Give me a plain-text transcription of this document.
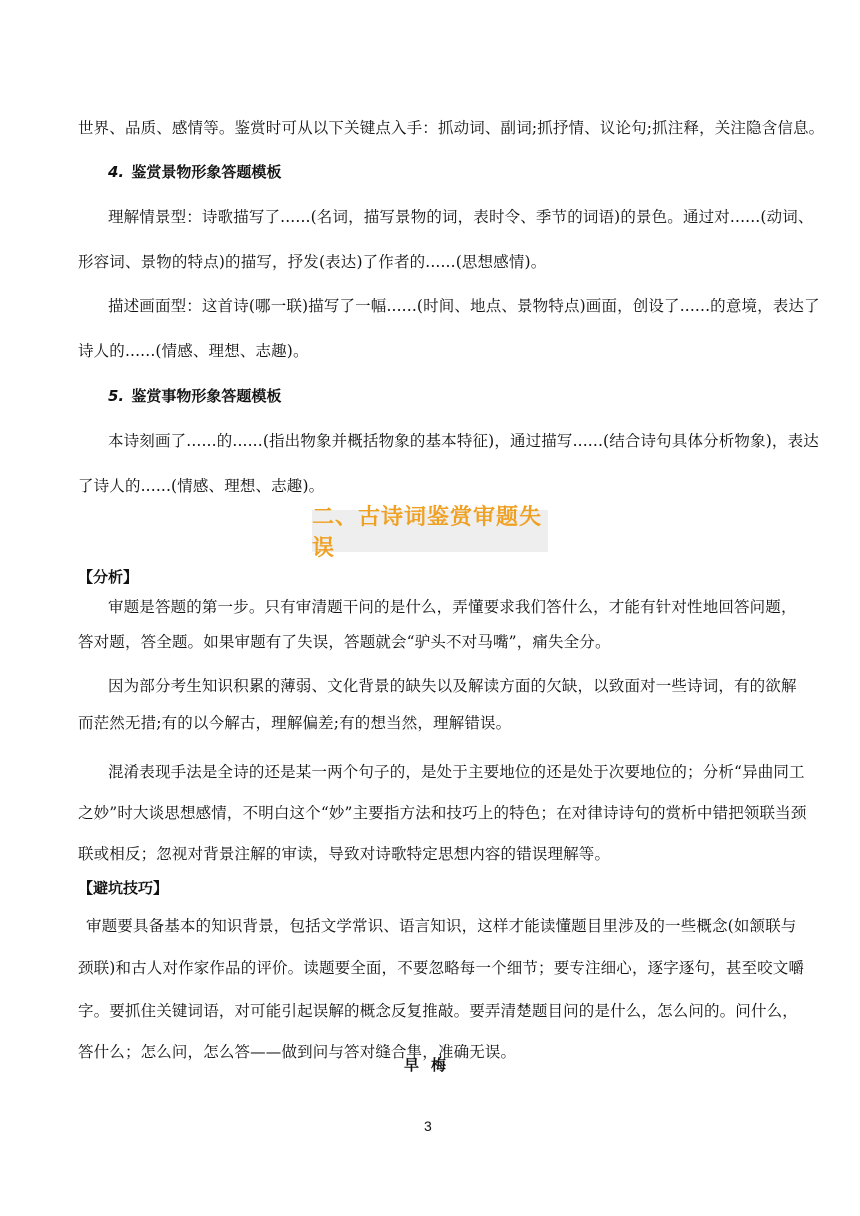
世界、品质、感情等。鉴赏时可从以下关键点入手：抓动词、副词;抓抒情、议论句;抓注释，关注隐含信息。
4. 鉴赏景物形象答题模板
理解情景型：诗歌描写了......(名词，描写景物的词，表时令、季节的词语)的景色。通过对......(动词、
形容词、景物的特点)的描写，抒发(表达)了作者的......(思想感情)。
描述画面型：这首诗(哪一联)描写了一幅......(时间、地点、景物特点)画面，创设了......的意境，表达了
诗人的......(情感、理想、志趣)。
5. 鉴赏事物形象答题模板
本诗刻画了......的......(指出物象并概括物象的基本特征)，通过描写......(结合诗句具体分析物象)，表达
了诗人的......(情感、理想、志趣)。
二、古诗词鉴赏审题失误
【分析】
审题是答题的第一步。只有审清题干问的是什么，弄懂要求我们答什么，才能有针对性地回答问题，
答对题，答全题。如果审题有了失误，答题就会“驴头不对马嘴”，痛失全分。
因为部分考生知识积累的薄弱、文化背景的缺失以及解读方面的欠缺，以致面对一些诗词，有的欲解
而茫然无措;有的以今解古，理解偏差;有的想当然，理解错误。
混淆表现手法是全诗的还是某一两个句子的，是处于主要地位的还是处于次要地位的；分析“异曲同工
之妙”时大谈思想感情，不明白这个“妙”主要指方法和技巧上的特色；在对律诗诗句的赏析中错把领联当颈
联或相反；忽视对背景注解的审读，导致对诗歌特定思想内容的错误理解等。
【避坑技巧】
审题要具备基本的知识背景，包括文学常识、语言知识，这样才能读懂题目里涉及的一些概念(如颔联与
颈联)和古人对作家作品的评价。读题要全面，不要忽略每一个细节；要专注细心，逐字逐句，甚至咬文嚼
字。要抓住关键词语，对可能引起误解的概念反复推敲。要弄清楚题目问的是什么，怎么问的。问什么，
答什么；怎么问，怎么答——做到问与答对缝合隼，准确无误。
早梅
3
